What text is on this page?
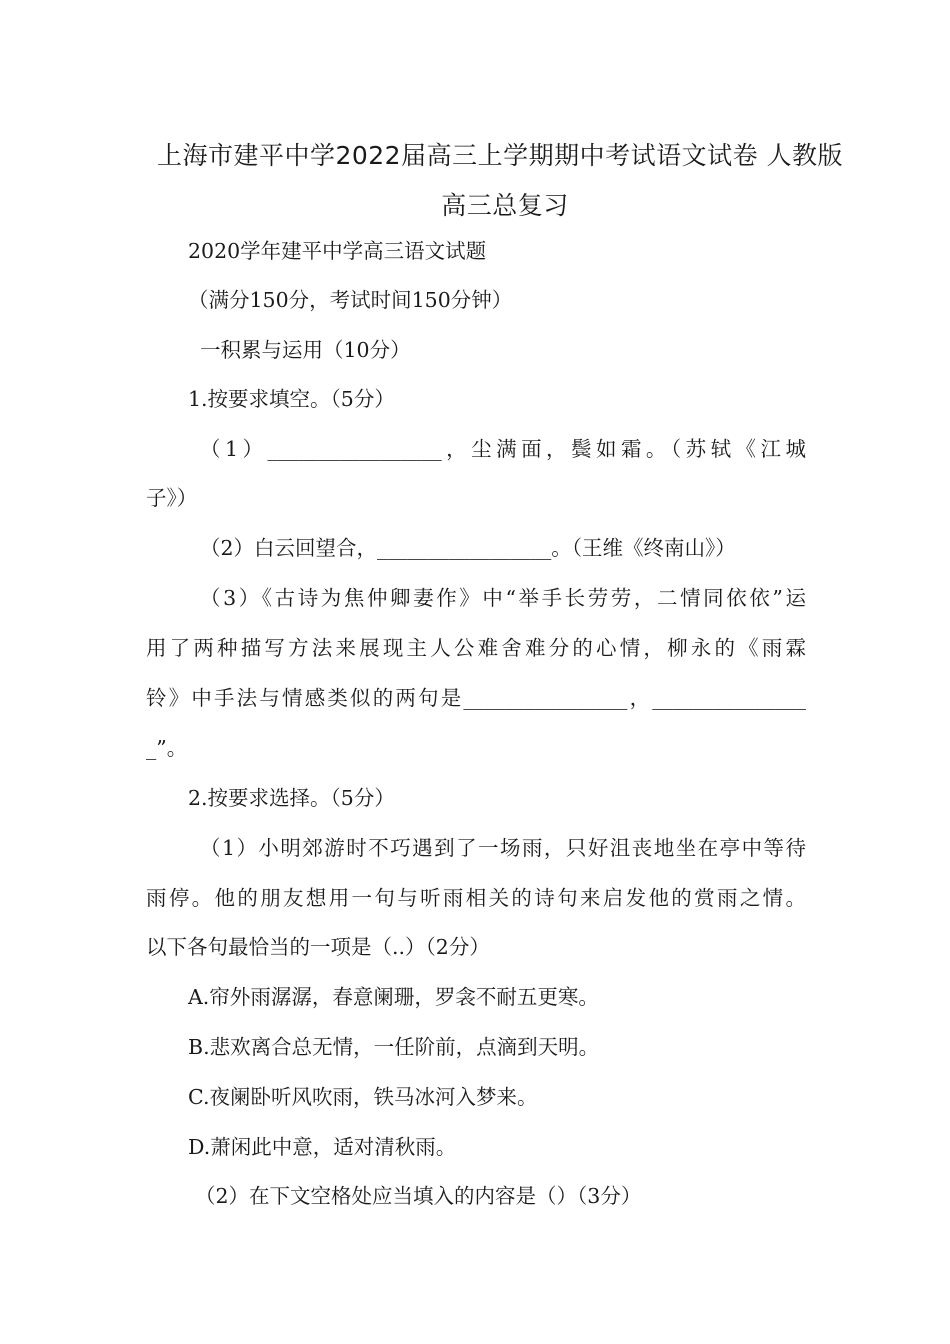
上海市建平中学2022届高三上学期期中考试语文试卷 人教版
高三总复习
2020学年建平中学高三语文试题
（满分150分，考试时间150分钟）
一积累与运用（10分）
1.按要求填空。（5分）
（1）_________________，尘满面，鬓如霜。（苏轼《江城
子》）
（2）白云回望合，_________________。（王维《终南山》）
（3）《古诗为焦仲卿妻作》中“举手长劳劳，二情同依依”运
用了两种描写方法来展现主人公难舍难分的心情，柳永的《雨霖
铃》中手法与情感类似的两句是________________，_______________
_”。
2.按要求选择。（5分）
（1）小明郊游时不巧遇到了一场雨，只好沮丧地坐在亭中等待
雨停。他的朋友想用一句与听雨相关的诗句来启发他的赏雨之情。
以下各句最恰当的一项是（..）（2分）
A.帘外雨潺潺，春意阑珊，罗衾不耐五更寒。
B.悲欢离合总无情，一任阶前，点滴到天明。
C.夜阑卧听风吹雨，铁马冰河入梦来。
D.萧闲此中意，适对清秋雨。
（2）在下文空格处应当填入的内容是（）（3分）
